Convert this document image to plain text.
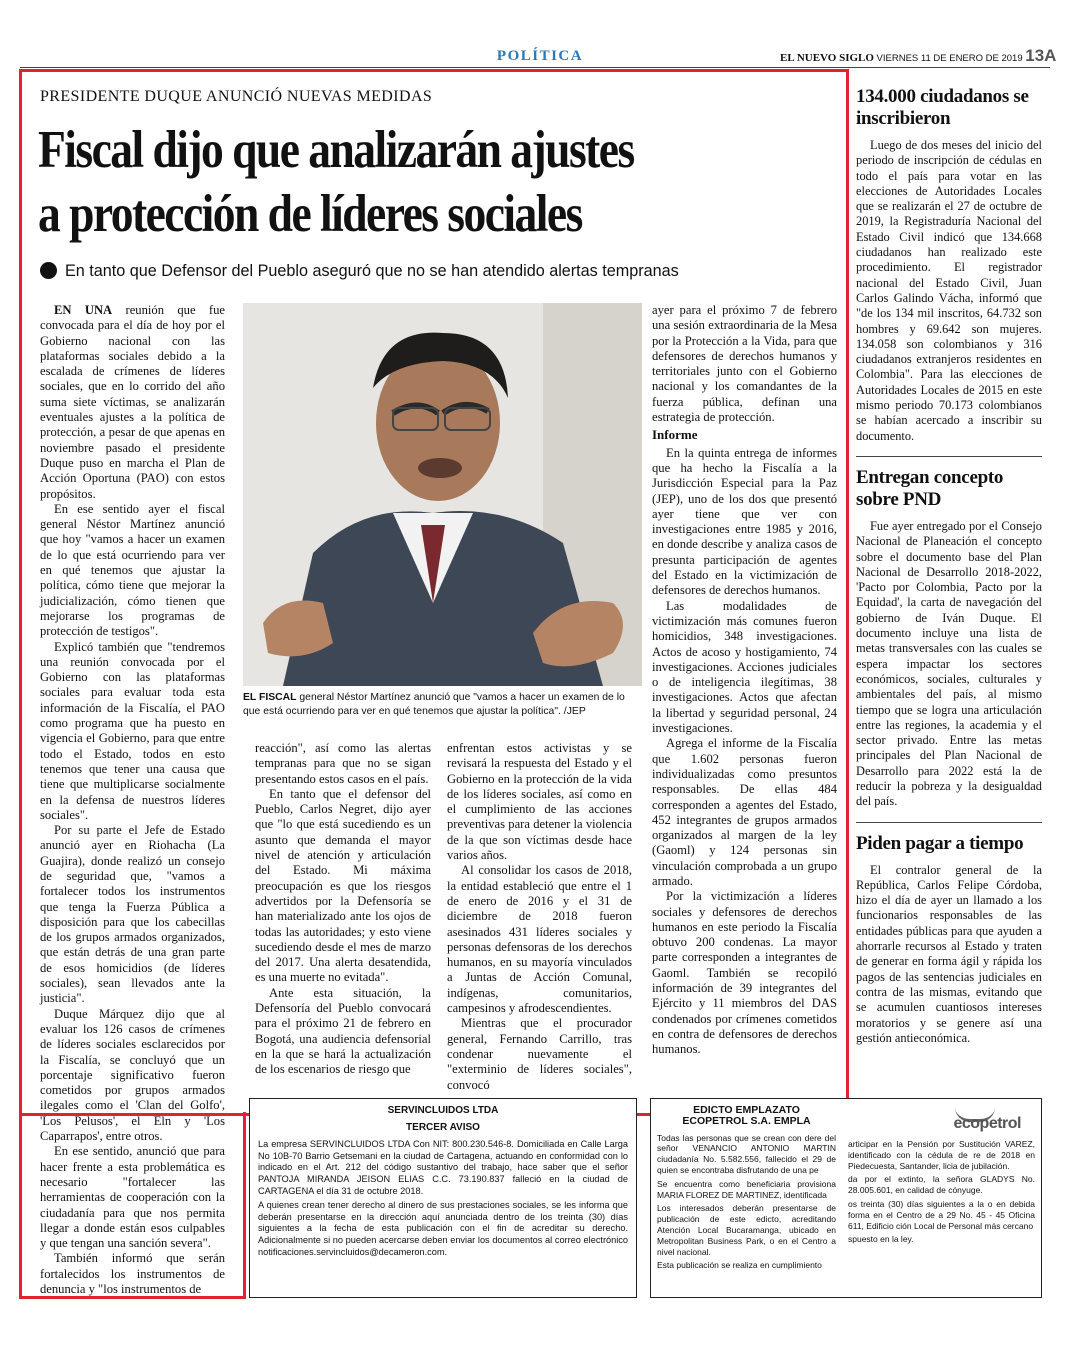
POLÍTICA	EL NUEVO SIGLO VIERNES 11 DE ENERO DE 2019 13A
PRESIDENTE DUQUE ANUNCIÓ NUEVAS MEDIDAS
Fiscal dijo que analizarán ajustes
a protección de líderes sociales
En tanto que Defensor del Pueblo aseguró que no se han atendido alertas tempranas
EL FISCAL general Néstor Martínez anunció que "vamos a hacer un examen de lo que está ocurriendo para ver en qué tenemos que ajustar la política". /JEP

EN UNA reunión que fue convocada para el día de hoy por el Gobierno nacional con las plataformas sociales debido a la escalada de crímenes de líderes sociales, que en lo corrido del año suma siete víctimas, se analizarán eventuales ajustes a la política de protección, a pesar de que apenas en noviembre pasado el presidente Duque puso en marcha el Plan de Acción Oportuna (PAO) con estos propósitos.

En ese sentido ayer el fiscal general Néstor Martínez anunció que hoy "vamos a hacer un examen de lo que está ocurriendo para ver en qué tenemos que ajustar la política, cómo tiene que mejorar la judicialización, cómo tienen que mejorarse los programas de protección de testigos".

Explicó también que "tendremos una reunión convocada por el Gobierno con las plataformas sociales para evaluar toda esta información de la Fiscalía, el PAO como programa que ha puesto en vigencia el Gobierno, para que entre todo el Estado, todos en esto tenemos que tener una causa que tiene que multiplicarse socialmente en la defensa de nuestros líderes sociales".

Por su parte el Jefe de Estado anunció ayer en Riohacha (La Guajira), donde realizó un consejo de seguridad que, "vamos a fortalecer todos los instrumentos que tenga la Fuerza Pública a disposición para que los cabecillas de los grupos armados organizados, que están detrás de una gran parte de esos homicidios (de líderes sociales), sean llevados ante la justicia".

Duque Márquez dijo que al evaluar los 126 casos de crímenes de líderes sociales esclarecidos por la Fiscalía, se concluyó que un porcentaje significativo fueron cometidos por grupos armados ilegales como el 'Clan del Golfo', 'Los Pelusos', el Eln y 'Los Caparrapos', entre otros.

En ese sentido, anunció que para hacer frente a esta problemática es necesario "fortalecer las herramientas de cooperación con la ciudadanía para que nos permita llegar a donde están esos culpables y que tengan una sanción severa".

También informó que serán fortalecidos los instrumentos de denuncia y "los instrumentos de

reacción", así como las alertas tempranas para que no se sigan presentando estos casos en el país.

En tanto que el defensor del Pueblo, Carlos Negret, dijo ayer que "lo que está sucediendo es un asunto que demanda el mayor nivel de atención y articulación del Estado. Mi máxima preocupación es que los riesgos advertidos por la Defensoría se han materializado ante los ojos de todas las autoridades; y esto viene sucediendo desde el mes de marzo del 2017. Una alerta desatendida, es una muerte no evitada".

Ante esta situación, la Defensoría del Pueblo convocará para el próximo 21 de febrero en Bogotá, una audiencia defensorial en la que se hará la actualización de los escenarios de riesgo que

enfrentan estos activistas y se revisará la respuesta del Estado y el Gobierno en la protección de la vida de los líderes sociales, así como en el cumplimiento de las acciones preventivas para detener la violencia de la que son víctimas desde hace varios años.

Al consolidar los casos de 2018, la entidad estableció que entre el 1 de enero de 2016 y el 31 de diciembre de 2018 fueron asesinados 431 líderes sociales y personas defensoras de los derechos humanos, en su mayoría vinculados a Juntas de Acción Comunal, indígenas, comunitarios, campesinos y afrodescendientes.

Mientras que el procurador general, Fernando Carrillo, tras condenar nuevamente el "exterminio de líderes sociales", convocó

ayer para el próximo 7 de febrero una sesión extraordinaria de la Mesa por la Protección a la Vida, para que defensores de derechos humanos y territoriales junto con el Gobierno nacional y los comandantes de la fuerza pública, definan una estrategia de protección.

Informe

En la quinta entrega de informes que ha hecho la Fiscalía a la Jurisdicción Especial para la Paz (JEP), uno de los dos que presentó ayer tiene que ver con investigaciones entre 1985 y 2016, en donde describe y analiza casos de presunta participación de agentes del Estado en la victimización de defensores de derechos humanos.

Las modalidades de victimización más comunes fueron homicidios, 348 investigaciones. Actos de acoso y hostigamiento, 74 investigaciones. Acciones judiciales o de inteligencia ilegítimas, 38 investigaciones. Actos que afectan la libertad y seguridad personal, 24 investigaciones.

Agrega el informe de la Fiscalía que 1.602 personas fueron individualizadas como presuntos responsables. De ellas 484 corresponden a agentes del Estado, 452 integrantes de grupos armados organizados al margen de la ley (Gaoml) y 124 personas sin vinculación comprobada a un grupo armado.

Por la victimización a líderes sociales y defensores de derechos humanos en este periodo la Fiscalía obtuvo 200 condenas. La mayor parte corresponden a integrantes de Gaoml. También se recopiló información de 39 integrantes del Ejército y 11 miembros del DAS condenados por crímenes cometidos en contra de defensores de derechos humanos.

134.000 ciudadanos se inscribieron

Luego de dos meses del inicio del periodo de inscripción de cédulas en todo el país para votar en las elecciones de Autoridades Locales que se realizarán el 27 de octubre de 2019, la Registraduría Nacional del Estado Civil indicó que 134.668 ciudadanos han realizado este procedimiento. El registrador nacional del Estado Civil, Juan Carlos Galindo Vácha, informó que "de los 134 mil inscritos, 64.732 son hombres y 69.642 son mujeres. 134.058 son colombianos y 316 ciudadanos extranjeros residentes en Colombia". Para las elecciones de Autoridades Locales de 2015 en este mismo periodo 70.173 colombianos se habían acercado a inscribir su documento.

Entregan concepto sobre PND

Fue ayer entregado por el Consejo Nacional de Planeación el concepto sobre el documento base del Plan Nacional de Desarrollo 2018-2022, 'Pacto por Colombia, Pacto por la Equidad', la carta de navegación del gobierno de Iván Duque. El documento incluye una lista de metas transversales con las cuales se espera impactar los sectores económicos, sociales, culturales y ambientales del país, al mismo tiempo que se logra una articulación entre las regiones, la academia y el sector privado. Entre las metas principales del Plan Nacional de Desarrollo para 2022 está la de reducir la pobreza y la desigualdad del país.

Piden pagar a tiempo

El contralor general de la República, Carlos Felipe Córdoba, hizo el día de ayer un llamado a los funcionarios responsables de las entidades públicas para que ayuden a ahorrarle recursos al Estado y traten de generar en forma ágil y rápida los pagos de las sentencias judiciales en contra de las mismas, evitando que se acumulen cuantiosos intereses moratorios y se genere así una gestión antieconómica.

SERVINCLUIDOS LTDA
TERCER AVISO

La empresa SERVINCLUIDOS LTDA Con NIT: 800.230.546-8. Domiciliada en Calle Larga No 10B-70 Barrio Getsemani en la ciudad de Cartagena, actuando en conformidad con lo indicado en el Art. 212 del código sustantivo del trabajo, hace saber que el señor PANTOJA MIRANDA JEISON ELIAS C.C. 73.190.837 falleció en la ciudad de CARTAGENA el día 31 de octubre 2018.

A quienes crean tener derecho al dinero de sus prestaciones sociales, se les informa que deberán presentarse en la dirección aquí anunciada dentro de los treinta (30) días siguientes a la fecha de esta publicación con el fin de acreditar su derecho. Adicionalmente si no pueden acercarse deben enviar los documentos al correo electrónico notificaciones.servincluidos@decameron.com.

EDICTO EMPLAZATO
ECOPETROL S.A. EMPLA

Todas las personas que se crean con dere del señor VENANCIO ANTONIO MARTIN ciudadanía No. 5.582.556, fallecido el 29 de quien se encontraba disfrutando de una pe

Se encuentra como beneficiaria provisiona MARIA FLOREZ DE MARTINEZ, identificada

Los interesados deberán presentarse de publicación de este edicto, acreditando Atención Local Bucaramanga, ubicado en Metropolitan Business Park, o en el Centro a nivel nacional.

Esta publicación se realiza en cumplimiento

ecopetrol

articipar en la Pensión por Sustitución VAREZ, identificado con la cédula de re de 2018 en Piedecuesta, Santander, licia de jubilación.

da por el extinto, la señora GLADYS No. 28.005.601, en calidad de cónyuge.

os treinta (30) días siguientes a la o en debida forma en el Centro de a 29 No. 45 - 45 Oficina 611, Edificio ción Local de Personal más cercano

spuesto en la ley.
